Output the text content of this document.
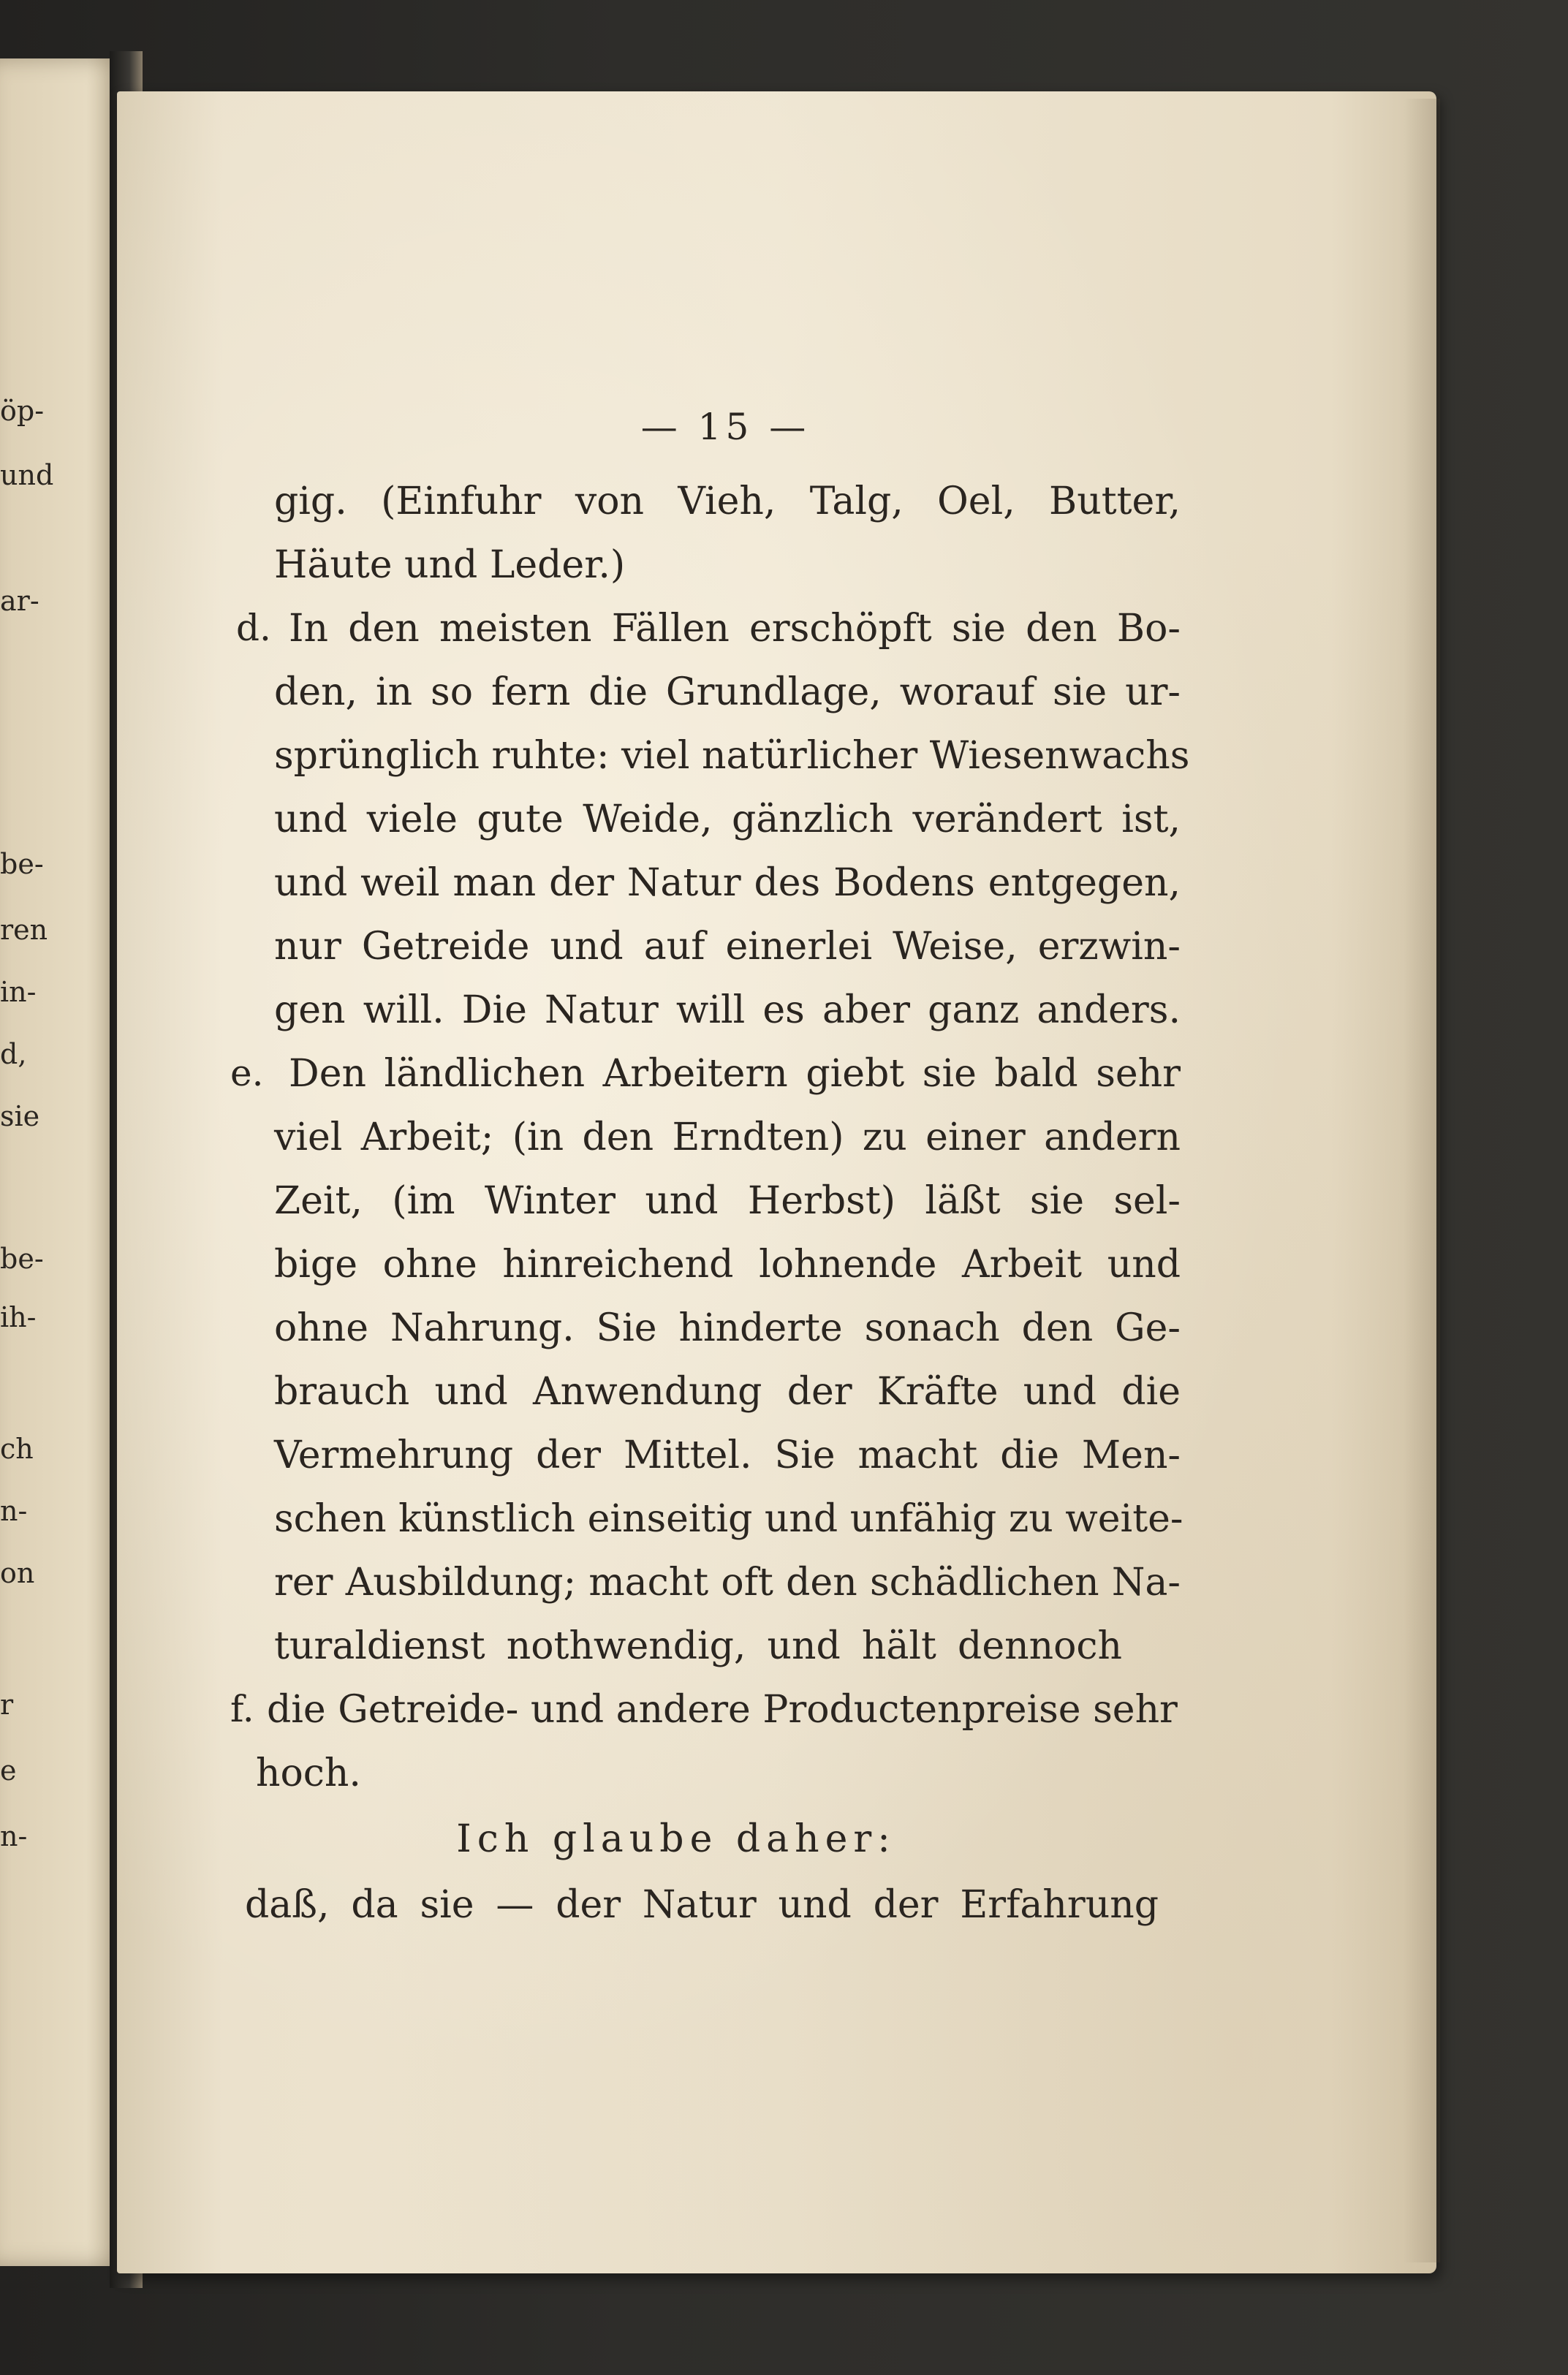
öp-
und
ar-
be-
ren
in-
d,
sie
be-
ih-
ch
n-
on
r
e
n-
— 15 —
gig. (Einfuhr von Vieh, Talg, Oel, Butter,
Häute und Leder.)
d. In den meisten Fällen erschöpft sie den Bo-
den, in so fern die Grundlage, worauf sie ur-
sprünglich ruhte: viel natürlicher Wiesenwachs
und viele gute Weide, gänzlich verändert ist,
und weil man der Natur des Bodens entgegen,
nur Getreide und auf einerlei Weise, erzwin-
gen will. Die Natur will es aber ganz anders.
e. Den ländlichen Arbeitern giebt sie bald sehr
viel Arbeit; (in den Erndten) zu einer andern
Zeit, (im Winter und Herbst) läßt sie sel-
bige ohne hinreichend lohnende Arbeit und
ohne Nahrung. Sie hinderte sonach den Ge-
brauch und Anwendung der Kräfte und die
Vermehrung der Mittel. Sie macht die Men-
schen künstlich einseitig und unfähig zu weite-
rer Ausbildung; macht oft den schädlichen Na-
turaldienst nothwendig, und hält dennoch
f. die Getreide- und andere Productenpreise sehr
hoch.
Ich glaube daher:
daß, da sie — der Natur und der Erfahrung
